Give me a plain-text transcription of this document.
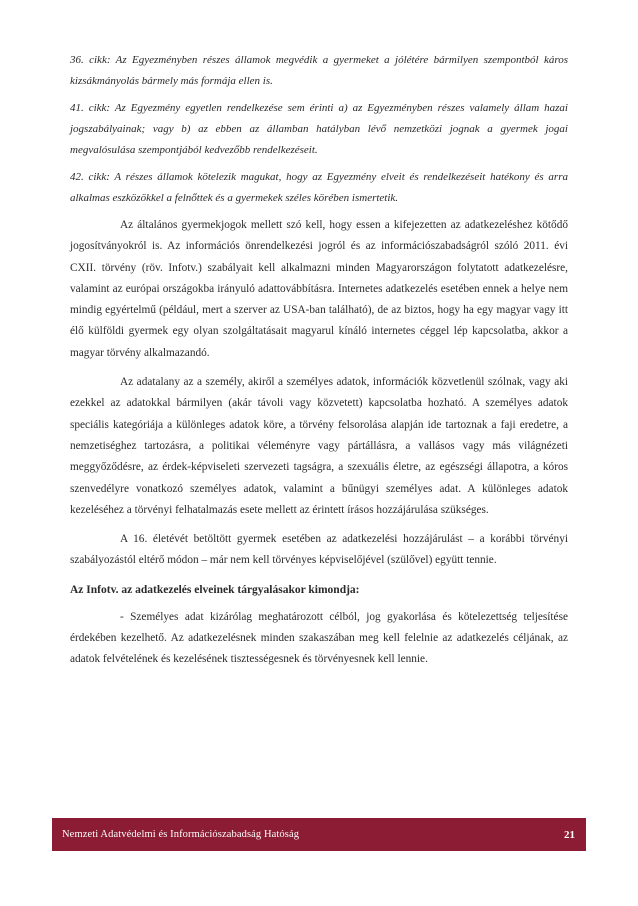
36. cikk: Az Egyezményben részes államok megvédik a gyermeket a jólétére bármilyen szempontból káros kizsákmányolás bármely más formája ellen is.

41. cikk: Az Egyezmény egyetlen rendelkezése sem érinti a) az Egyezményben részes valamely állam hazai jogszabályainak; vagy b) az ebben az államban hatályban lévő nemzetközi jognak a gyermek jogai megvalósulása szempontjából kedvezőbb rendelkezéseit.

42. cikk: A részes államok kötelezik magukat, hogy az Egyezmény elveit és rendelkezéseit hatékony és arra alkalmas eszközökkel a felnőttek és a gyermekek széles körében ismertetik.

Az általános gyermekjogok mellett szó kell, hogy essen a kifejezetten az adatkezeléshez kötődő jogosítványokról is. Az információs önrendelkezési jogról és az információszabadságról szóló 2011. évi CXII. törvény (röv. Infotv.) szabályait kell alkalmazni minden Magyarországon folytatott adatkezelésre, valamint az európai országokba irányuló adattovábbításra. Internetes adatkezelés esetében ennek a helye nem mindig egyértelmű (például, mert a szerver az USA-ban található), de az biztos, hogy ha egy magyar vagy itt élő külföldi gyermek egy olyan szolgáltatásait magyarul kínáló internetes céggel lép kapcsolatba, akkor a magyar törvény alkalmazandó.

Az adatalany az a személy, akiről a személyes adatok, információk közvetlenül szólnak, vagy aki ezekkel az adatokkal bármilyen (akár távoli vagy közvetett) kapcsolatba hozható. A személyes adatok speciális kategóriája a különleges adatok köre, a törvény felsorolása alapján ide tartoznak a faji eredetre, a nemzetiséghez tartozásra, a politikai véleményre vagy pártállásra, a vallásos vagy más világnézeti meggyőződésre, az érdek-képviseleti szervezeti tagságra, a szexuális életre, az egészségi állapotra, a kóros szenvedélyre vonatkozó személyes adatok, valamint a bűnügyi személyes adat. A különleges adatok kezeléséhez a törvényi felhatalmazás esete mellett az érintett írásos hozzájárulása szükséges.

A 16. életévét betöltött gyermek esetében az adatkezelési hozzájárulást – a korábbi törvényi szabályozástól eltérő módon – már nem kell törvényes képviselőjével (szülővel) együtt tennie.

Az Infotv. az adatkezelés elveinek tárgyalásakor kimondja:

- Személyes adat kizárólag meghatározott célból, jog gyakorlása és kötelezettség teljesítése érdekében kezelhető. Az adatkezelésnek minden szakaszában meg kell felelnie az adatkezelés céljának, az adatok felvételének és kezelésének tisztességesnek és törvényesnek kell lennie.

Nemzeti Adatvédelmi és Információszabadság Hatóság	21
